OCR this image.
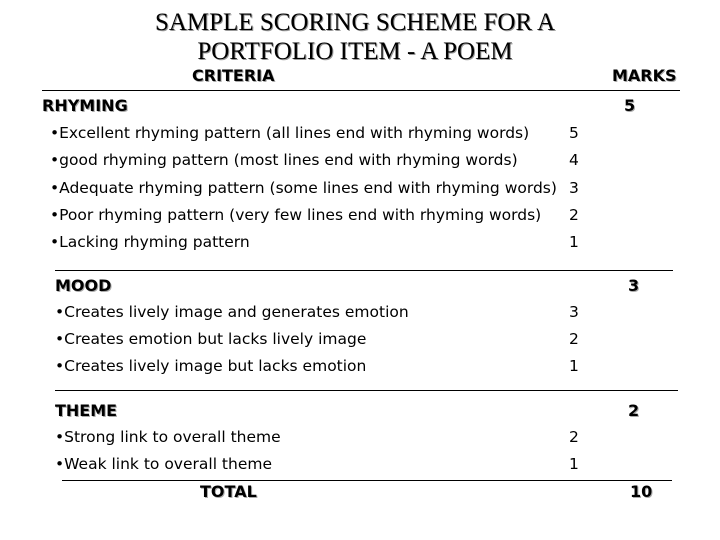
SAMPLE SCORING SCHEME FOR A
PORTFOLIO ITEM - A POEM
CRITERIA	MARKS
RHYMING	5
•Excellent rhyming pattern (all lines end with rhyming words)	5
•good rhyming pattern (most lines end with rhyming words)	4
•Adequate rhyming pattern (some lines end with rhyming words) 3
•Poor rhyming pattern (very few lines end with rhyming words) 2
•Lacking rhyming pattern	1
MOOD	3
•Creates lively image and generates emotion	3
•Creates emotion but lacks lively image	2
•Creates lively image but lacks emotion	1
THEME	2
•Strong link to overall theme	2
•Weak link to overall theme	1
TOTAL	10
